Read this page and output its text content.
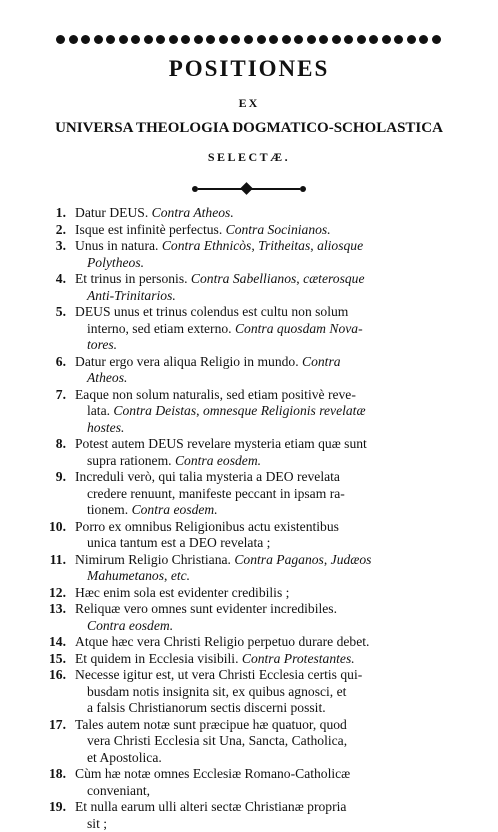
POSITIONES
EX
UNIVERSA THEOLOGIA DOGMATICO-SCHOLASTICA
SELECTÆ.
1. Datur DEUS. Contra Atheos.
2. Isque est infinitè perfectus. Contra Socinianos.
3. Unus in natura. Contra Ethnicòs, Tritheitas, aliosque
Polytheos.
4. Et trinus in personis. Contra Sabellianos, cæterosque
Anti-Trinitarios.
5. DEUS unus et trinus colendus est cultu non solum
interno, sed etiam externo. Contra quosdam Nova-
tores.
6. Datur ergo vera aliqua Religio in mundo. Contra
Atheos.
7. Eaque non solum naturalis, sed etiam positivè reve-
lata. Contra Deistas, omnesque Religionis revelatæ
hostes.
8. Potest autem DEUS revelare mysteria etiam quæ sunt
supra rationem. Contra eosdem.
9. Increduli verò, qui talia mysteria a DEO revelata
credere renuunt, manifeste peccant in ipsam ra-
tionem. Contra eosdem.
10. Porro ex omnibus Religionibus actu existentibus
unica tantum est a DEO revelata ;
11. Nimirum Religio Christiana. Contra Paganos, Judæos
Mahumetanos, etc.
12. Hæc enim sola est evidenter credibilis ;
13. Reliquæ vero omnes sunt evidenter incredibiles.
Contra eosdem.
14. Atque hæc vera Christi Religio perpetuo durare debet.
15. Et quidem in Ecclesia visibili. Contra Protestantes.
16. Necesse igitur est, ut vera Christi Ecclesia certis qui-
busdam notis insignita sit, ex quibus agnosci, et
a falsis Christianorum sectis discerni possit.
17. Tales autem notæ sunt præcipue hæ quatuor, quod
vera Christi Ecclesia sit Una, Sancta, Catholica,
et Apostolica.
18. Cùm hæ notæ omnes Ecclesiæ Romano-Catholicæ
conveniant,
19. Et nulla earum ulli alteri sectæ Christianæ propria
sit ;
